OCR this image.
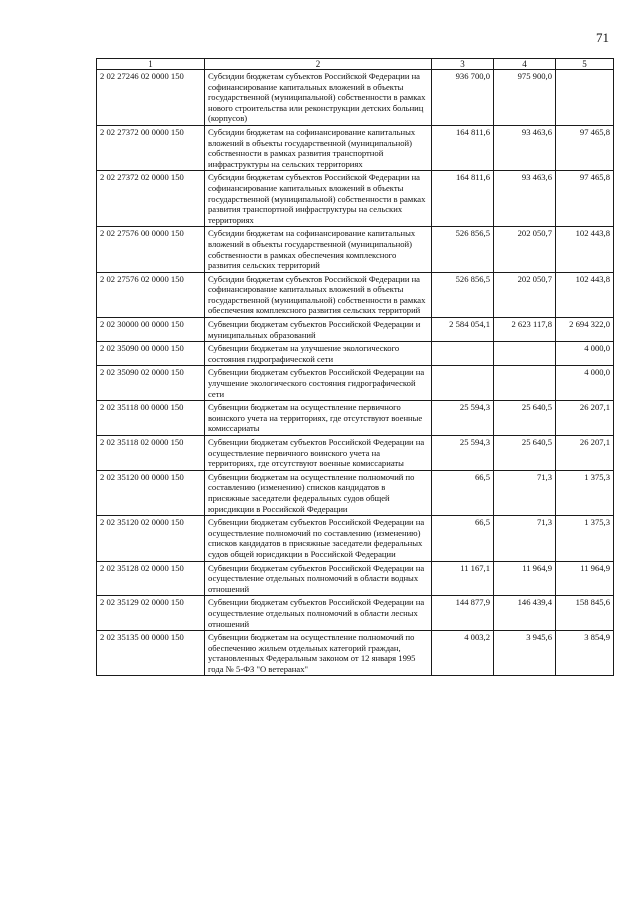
71
1	2	3	4	5
2 02 27246 02 0000 150	Субсидии бюджетам субъектов Российской Федерации на софинансирование капитальных вложений в объекты государственной (муниципальной) собственности в рамках нового строительства или реконструкции детских больниц (корпусов)	936 700,0	975 900,0	
2 02 27372 00 0000 150	Субсидии бюджетам на софинансирование капитальных вложений в объекты государственной (муниципальной) собственности в рамках развития транспортной инфраструктуры на сельских территориях	164 811,6	93 463,6	97 465,8
2 02 27372 02 0000 150	Субсидии бюджетам субъектов Российской Федерации на софинансирование капитальных вложений в объекты государственной (муниципальной) собственности в рамках развития транспортной инфраструктуры на сельских территориях	164 811,6	93 463,6	97 465,8
2 02 27576 00 0000 150	Субсидии бюджетам на софинансирование капитальных вложений в объекты государственной (муниципальной) собственности в рамках обеспечения комплексного развития сельских территорий	526 856,5	202 050,7	102 443,8
2 02 27576 02 0000 150	Субсидии бюджетам субъектов Российской Федерации на софинансирование капитальных вложений в объекты государственной (муниципальной) собственности в рамках обеспечения комплексного развития сельских территорий	526 856,5	202 050,7	102 443,8
2 02 30000 00 0000 150	Субвенции бюджетам субъектов Российской Федерации и муниципальных образований	2 584 054,1	2 623 117,8	2 694 322,0
2 02 35090 00 0000 150	Субвенции бюджетам на улучшение экологического состояния гидрографической сети			4 000,0
2 02 35090 02 0000 150	Субвенции бюджетам субъектов Российской Федерации на улучшение экологического состояния гидрографической сети			4 000,0
2 02 35118 00 0000 150	Субвенции бюджетам на осуществление первичного воинского учета на территориях, где отсутствуют военные комиссариаты	25 594,3	25 640,5	26 207,1
2 02 35118 02 0000 150	Субвенции бюджетам субъектов Российской Федерации на осуществление первичного воинского учета на территориях, где отсутствуют военные комиссариаты	25 594,3	25 640,5	26 207,1
2 02 35120 00 0000 150	Субвенции бюджетам на осуществление полномочий по составлению (изменению) списков кандидатов в присяжные заседатели федеральных судов общей юрисдикции в Российской Федерации	66,5	71,3	1 375,3
2 02 35120 02 0000 150	Субвенции бюджетам субъектов Российской Федерации на осуществление полномочий по составлению (изменению) списков кандидатов в присяжные заседатели федеральных судов общей юрисдикции в Российской Федерации	66,5	71,3	1 375,3
2 02 35128 02 0000 150	Субвенции бюджетам субъектов Российской Федерации на осуществление отдельных полномочий в области водных отношений	11 167,1	11 964,9	11 964,9
2 02 35129 02 0000 150	Субвенции бюджетам субъектов Российской Федерации на осуществление отдельных полномочий в области лесных отношений	144 877,9	146 439,4	158 845,6
2 02 35135 00 0000 150	Субвенции бюджетам на осуществление полномочий по обеспечению жильем отдельных категорий граждан, установленных Федеральным законом от 12 января 1995 года № 5-ФЗ "О ветеранах"	4 003,2	3 945,6	3 854,9
